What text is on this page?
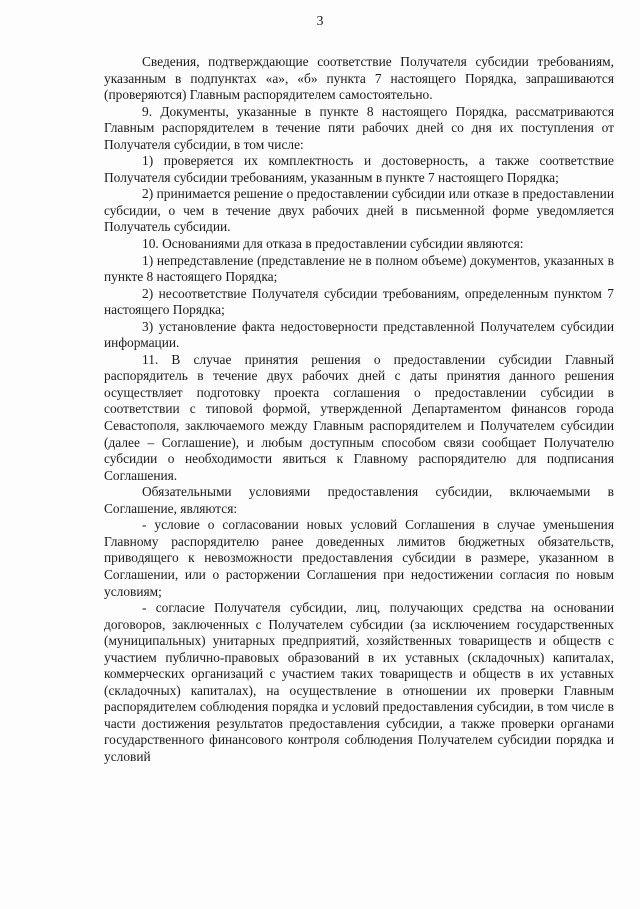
3

Сведения, подтверждающие соответствие Получателя субсидии требованиям, указанным в подпунктах «а», «б» пункта 7 настоящего Порядка, запрашиваются (проверяются) Главным распорядителем самостоятельно.

9. Документы, указанные в пункте 8 настоящего Порядка, рассматриваются Главным распорядителем в течение пяти рабочих дней со дня их поступления от Получателя субсидии, в том числе:

1) проверяется их комплектность и достоверность, а также соответствие Получателя субсидии требованиям, указанным в пункте 7 настоящего Порядка;

2) принимается решение о предоставлении субсидии или отказе в предоставлении субсидии, о чем в течение двух рабочих дней в письменной форме уведомляется Получатель субсидии.

10. Основаниями для отказа в предоставлении субсидии являются:

1) непредставление (представление не в полном объеме) документов, указанных в пункте 8 настоящего Порядка;

2) несоответствие Получателя субсидии требованиям, определенным пунктом 7 настоящего Порядка;

3) установление факта недостоверности представленной Получателем субсидии информации.

11. В случае принятия решения о предоставлении субсидии Главный распорядитель в течение двух рабочих дней с даты принятия данного решения осуществляет подготовку проекта соглашения о предоставлении субсидии в соответствии с типовой формой, утвержденной Департаментом финансов города Севастополя, заключаемого между Главным распорядителем и Получателем субсидии (далее – Соглашение), и любым доступным способом связи сообщает Получателю субсидии о необходимости явиться к Главному распорядителю для подписания Соглашения.

Обязательными условиями предоставления субсидии, включаемыми в Соглашение, являются:

- условие о согласовании новых условий Соглашения в случае уменьшения Главному распорядителю ранее доведенных лимитов бюджетных обязательств, приводящего к невозможности предоставления субсидии в размере, указанном в Соглашении, или о расторжении Соглашения при недостижении согласия по новым условиям;

- согласие Получателя субсидии, лиц, получающих средства на основании договоров, заключенных с Получателем субсидии (за исключением государственных (муниципальных) унитарных предприятий, хозяйственных товариществ и обществ с участием публично-правовых образований в их уставных (складочных) капиталах, коммерческих организаций с участием таких товариществ и обществ в их уставных (складочных) капиталах), на осуществление в отношении их проверки Главным распорядителем соблюдения порядка и условий предоставления субсидии, в том числе в части достижения результатов предоставления субсидии, а также проверки органами государственного финансового контроля соблюдения Получателем субсидии порядка и условий
